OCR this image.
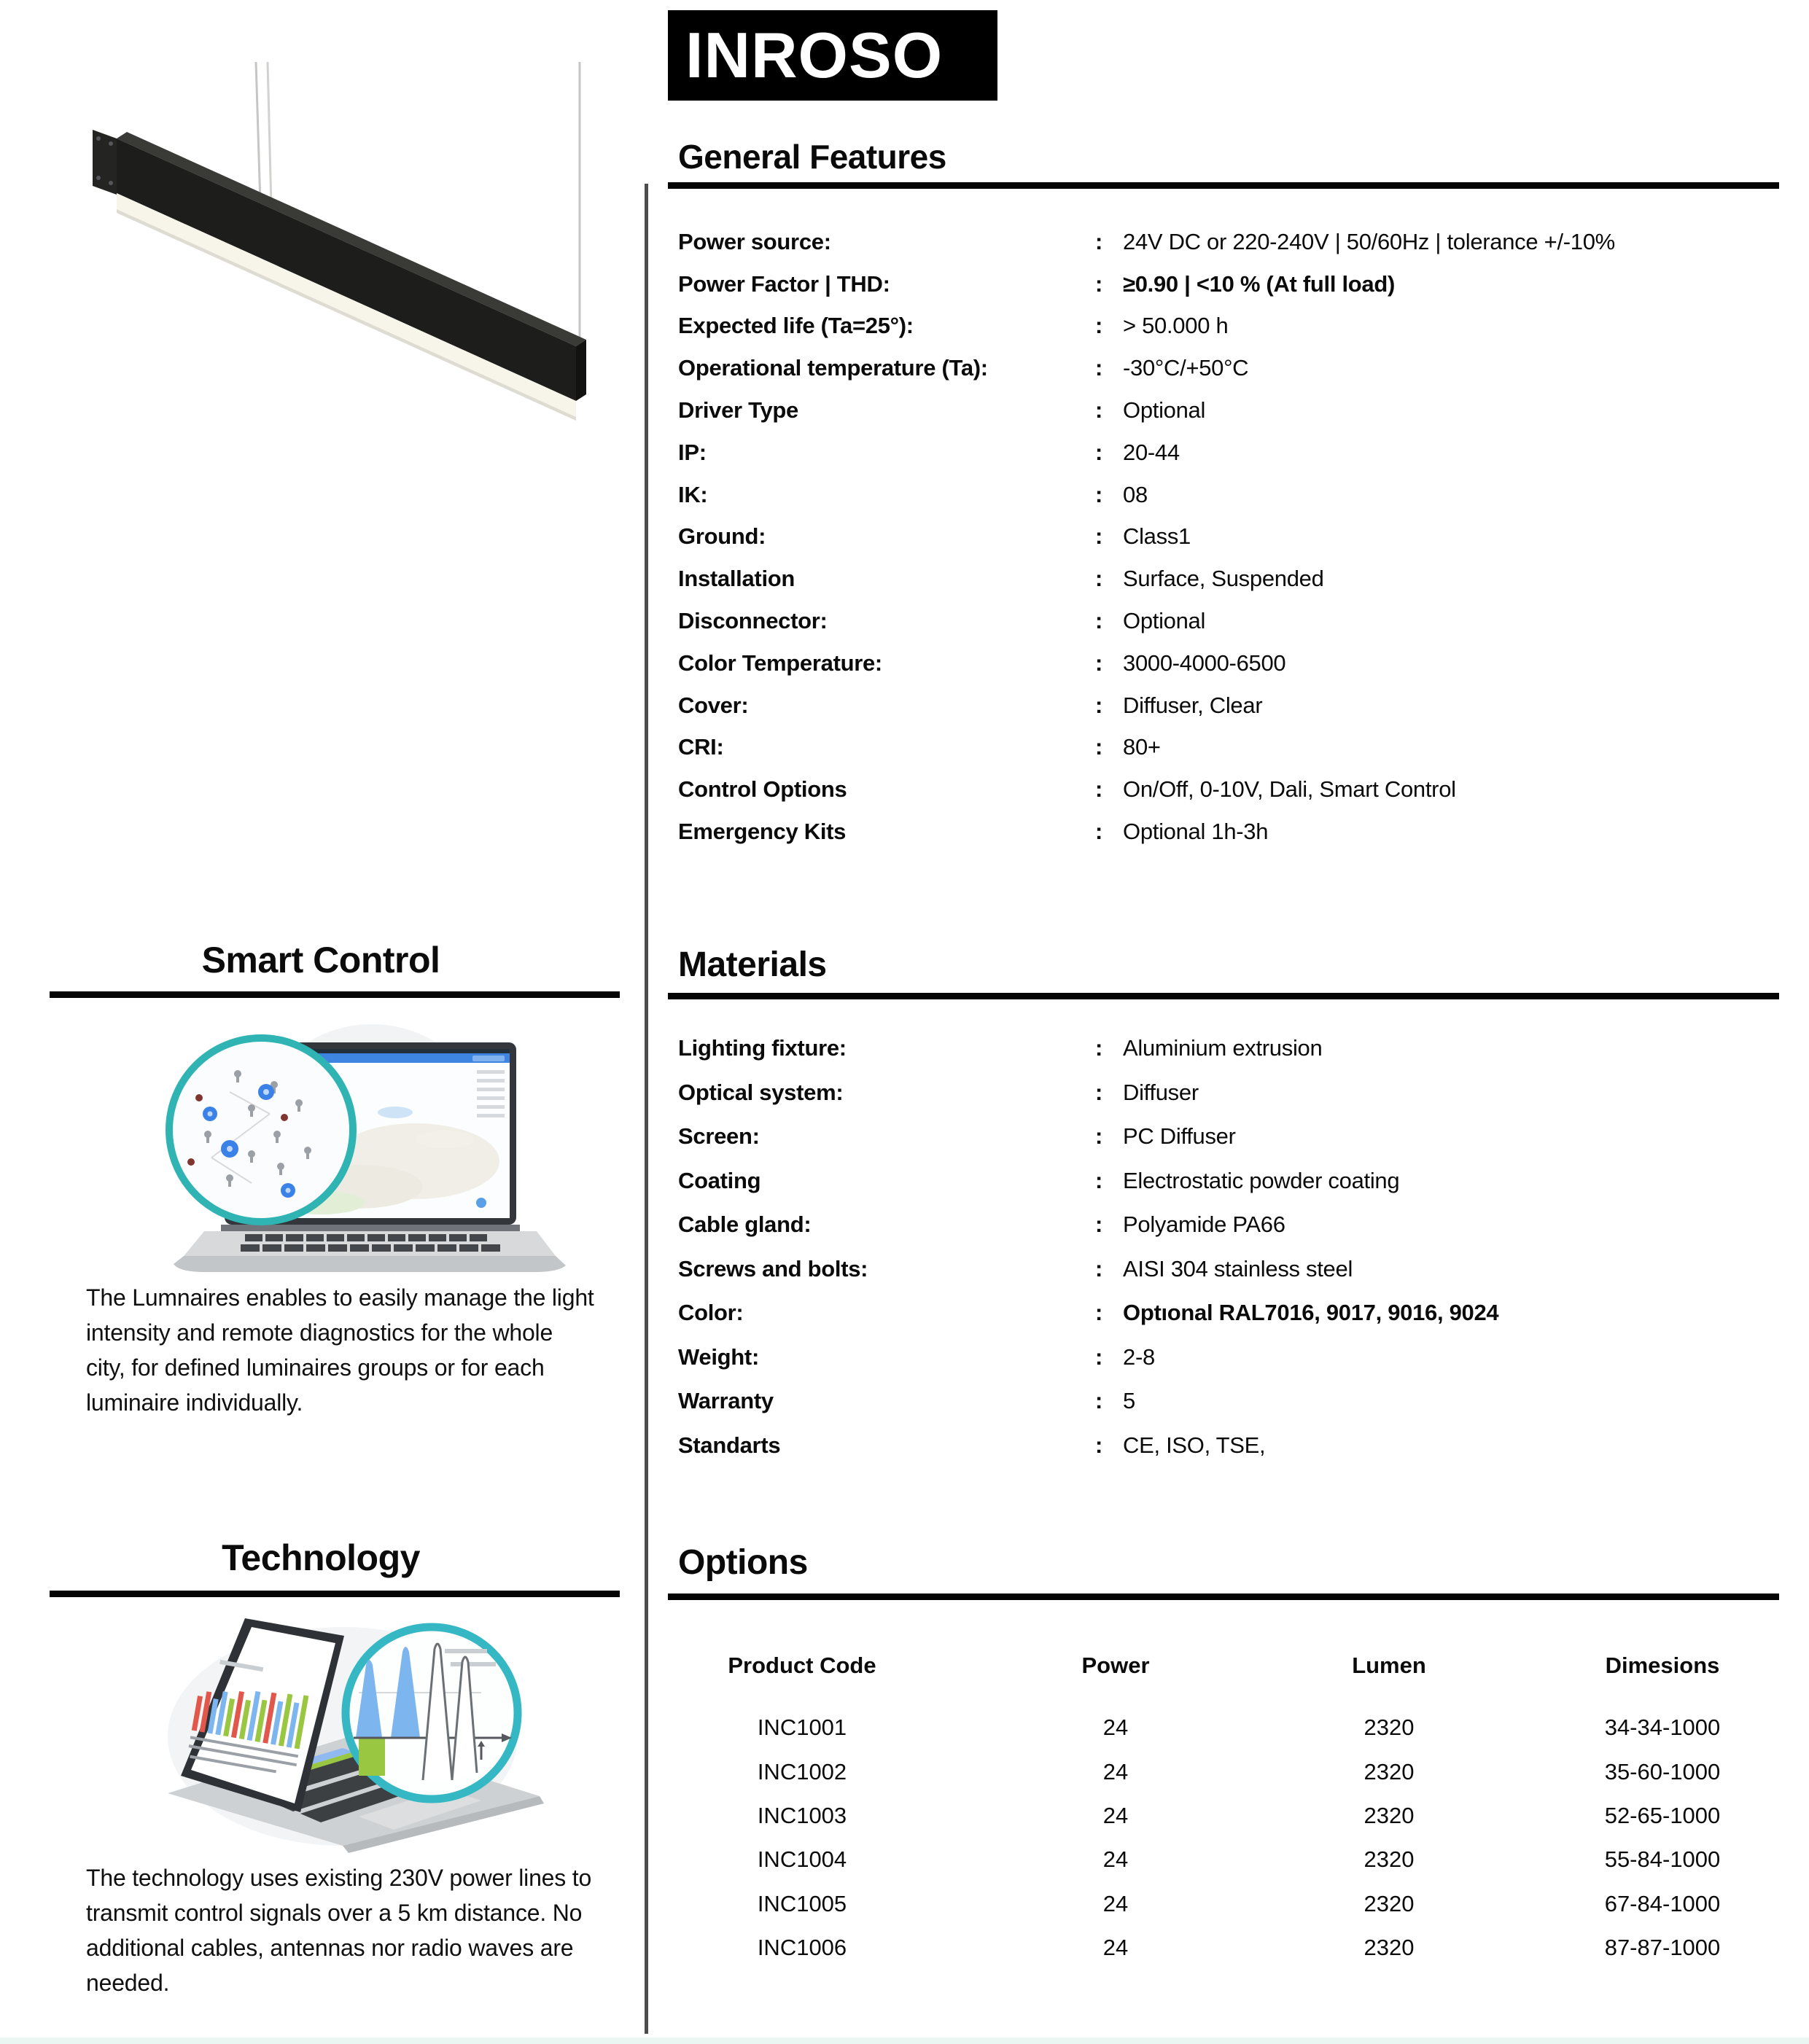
Smart Control
The Lumnaires enables to easily manage the light intensity and remote diagnostics for the whole city, for defined luminaires groups or for each luminaire individually.
Technology
The technology uses existing 230V power lines to transmit control signals over a 5 km distance. No additional cables, antennas nor radio waves are needed.
INROSO
General Features
Power source:	: 24V DC or 220-240V | 50/60Hz | tolerance +/-10%
Power Factor | THD:	: ≥0.90 | <10 % (At full load)
Expected life (Ta=25°):	: > 50.000 h
Operational temperature (Ta):	: -30°C/+50°C
Driver Type	: Optional
IP:	: 20-44
IK:	: 08
Ground:	: Class1
Installation	: Surface, Suspended
Disconnector:	: Optional
Color Temperature:	: 3000-4000-6500
Cover:	: Diffuser, Clear
CRI:	: 80+
Control Options	: On/Off, 0-10V, Dali, Smart Control
Emergency Kits	: Optional 1h-3h
Materials
Lighting fixture:	: Aluminium extrusion
Optical system:	: Diffuser
Screen:	: PC Diffuser
Coating	: Electrostatic powder coating
Cable gland:	: Polyamide PA66
Screws and bolts:	: AISI 304 stainless steel
Color:	: Optıonal RAL7016, 9017, 9016, 9024
Weight:	: 2-8
Warranty	: 5
Standarts	: CE, ISO, TSE,
Options
Product Code	Power	Lumen	Dimesions
INC1001	24	2320	34-34-1000
INC1002	24	2320	35-60-1000
INC1003	24	2320	52-65-1000
INC1004	24	2320	55-84-1000
INC1005	24	2320	67-84-1000
INC1006	24	2320	87-87-1000
